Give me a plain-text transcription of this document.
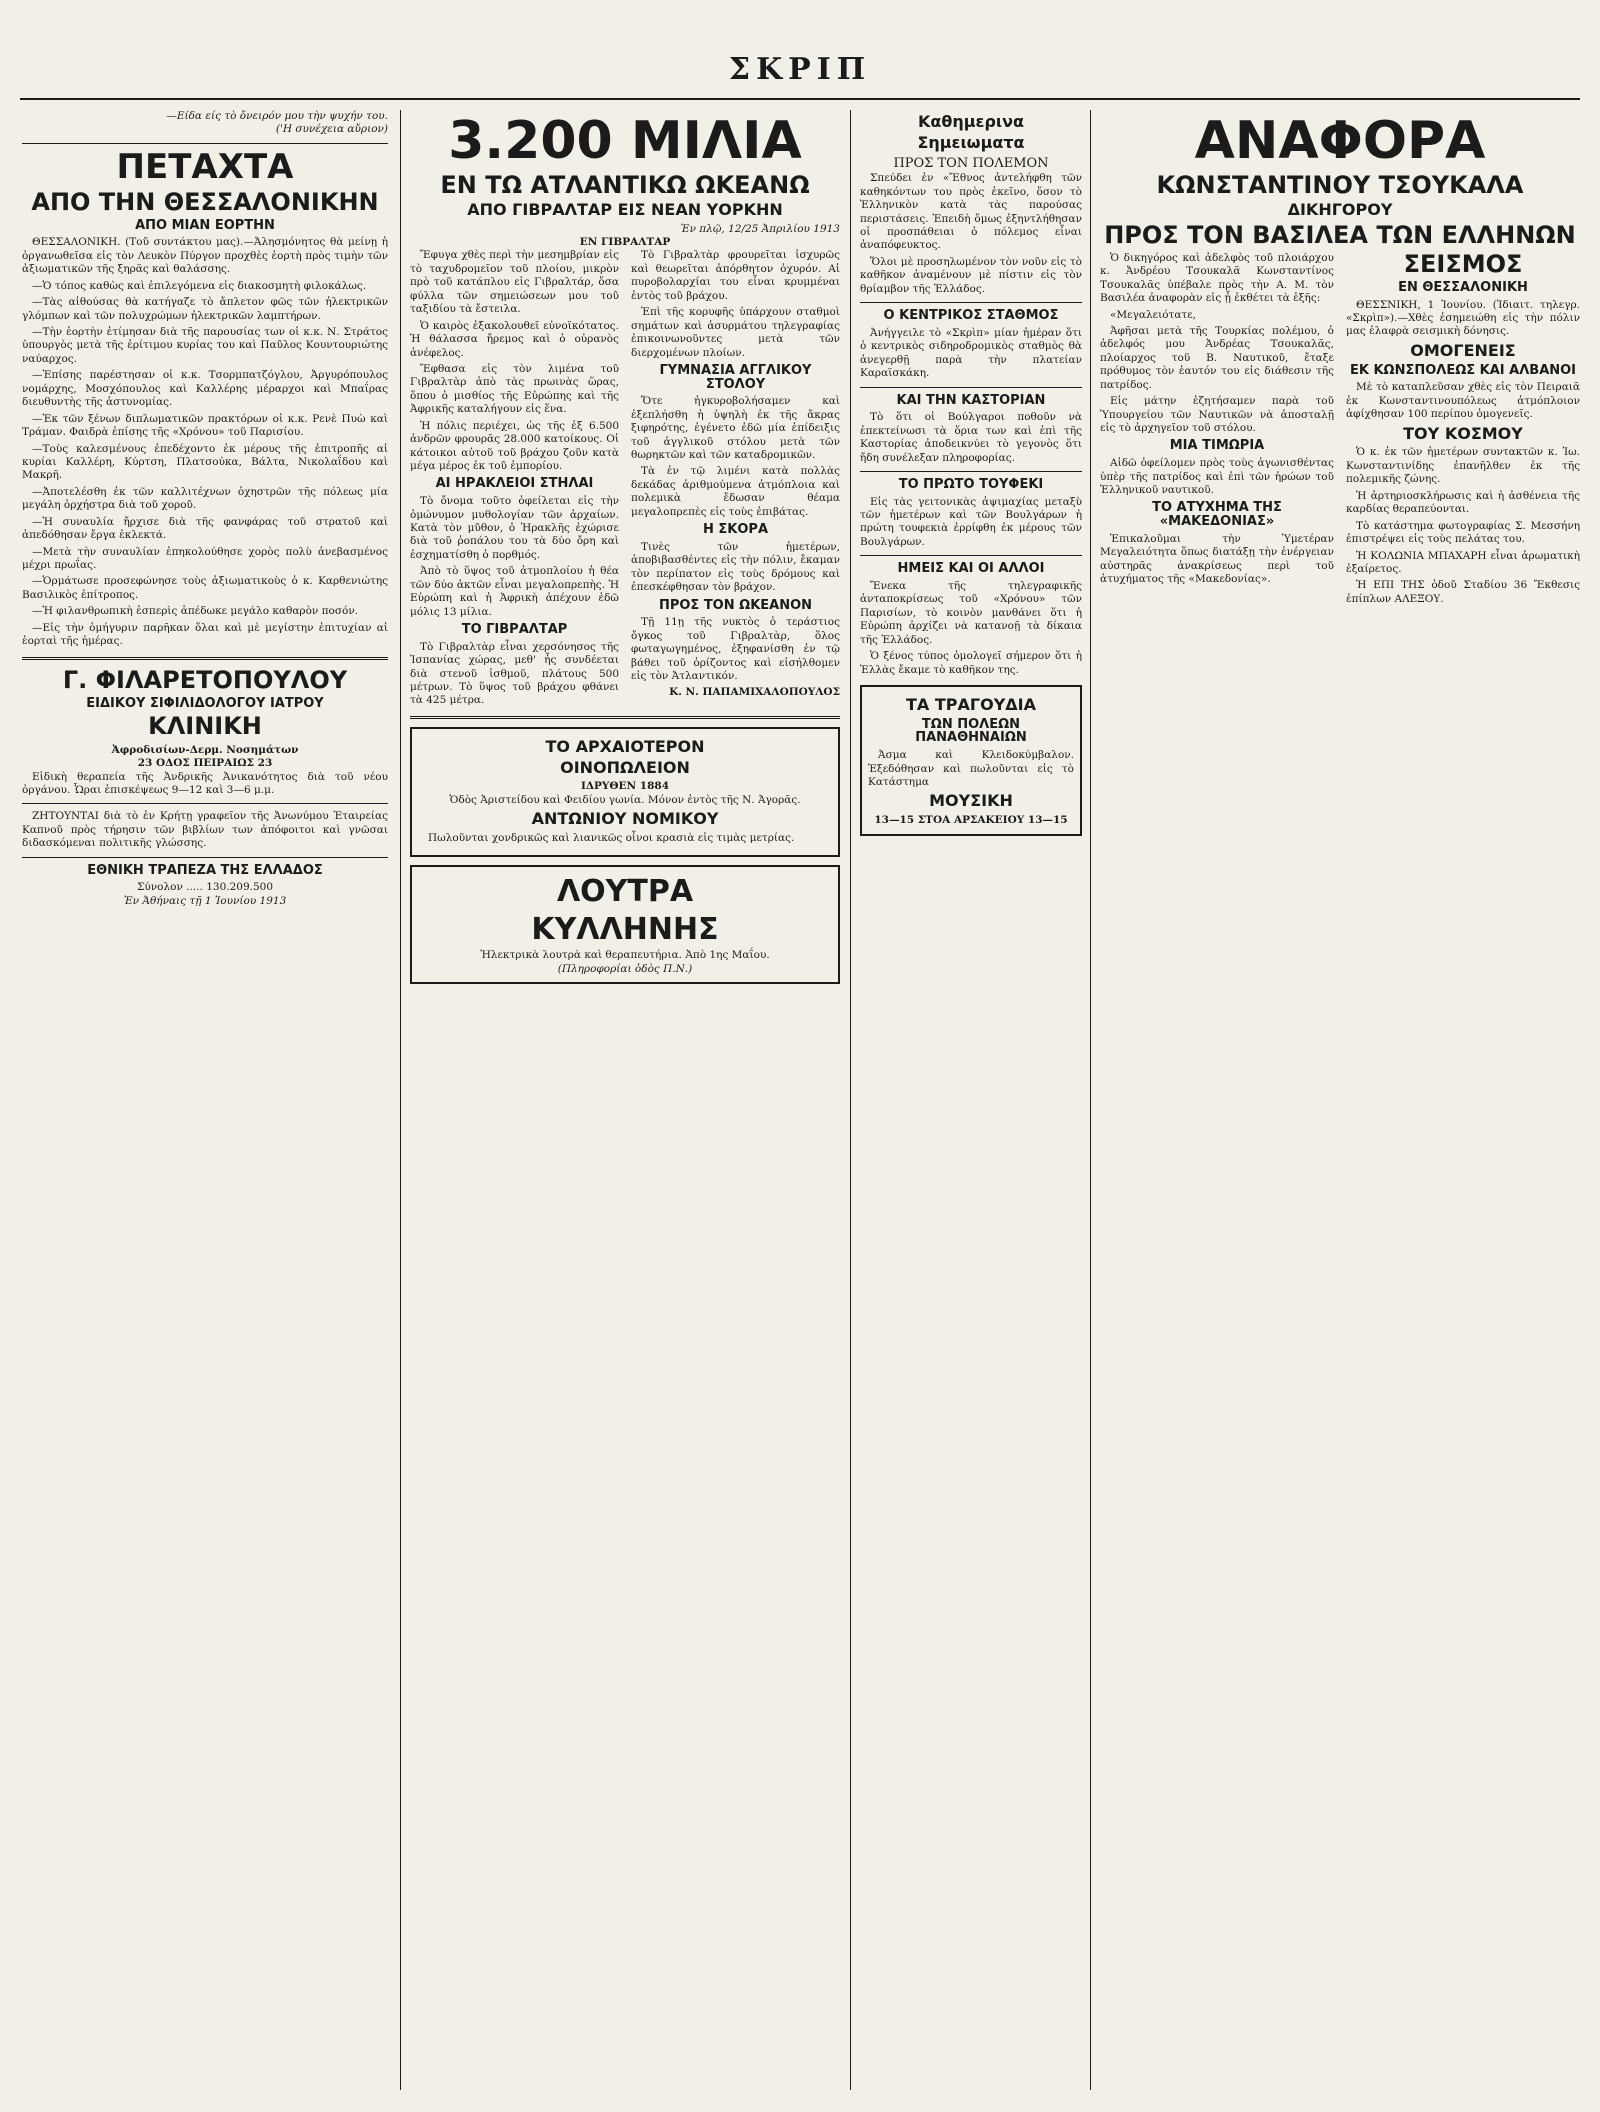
ΣΚΡΙΠ
—Είδα είς τὸ ὄνειρόν μου τὴν ψυχήν του.
('Η συνέχεια αὔριον)
ΠΕΤΑΧΤΑ
ΑΠΟ ΤΗΝ ΘΕΣΣΑΛΟΝΙΚΗΝ
ΑΠΟ ΜΙΑΝ ΕΟΡΤΗΝ

ΘΕΣΣΑΛΟΝΙΚΗ. (Τοῦ συντάκτου μας).—Ἀλησμόνητος θὰ μείνῃ ἡ ὀργανωθεῖσα εἰς τὸν Λευκὸν Πύργον προχθὲς ἑορτὴ πρὸς τιμὴν τῶν ἀξιωματικῶν τῆς ξηρᾶς καὶ θαλάσσης.

—Ὁ τόπος καθὼς καὶ ἐπιλεγόμενα εἰς διακοσμητὴ φιλοκάλως.

—Τὰς αἰθούσας θὰ κατήγαζε τὸ ἄπλετον φῶς τῶν ἠλεκτρικῶν γλόμπων καὶ τῶν πολυχρώμων ἠλεκτρικῶν λαμπτήρων.

—Τὴν ἑορτὴν ἐτίμησαν διὰ τῆς παρουσίας των οἱ κ.κ. Ν. Στράτος ὑπουργὸς μετὰ τῆς ἐρίτιμου κυρίας του καὶ Παῦλος Κουντουριώτης ναύαρχος.

—Ἐπίσης παρέστησαν οἱ κ.κ. Τσορμπατζόγλου, Ἀργυρόπουλος νομάρχης, Μοσχόπουλος καὶ Καλλέρης μέραρχοι καὶ Μπαΐρας διευθυντὴς τῆς ἀστυνομίας.

—Ἐκ τῶν ξένων διπλωματικῶν πρακτόρων οἱ κ.κ. Ρενὲ Πυὼ καὶ Τράμαν. Φαιδρὰ ἐπίσης τῆς «Χρόνου» τοῦ Παρισίου.

—Τοὺς καλεσμένους ἐπεδέχοντο ἐκ μέρους τῆς ἐπιτροπῆς αἱ κυρίαι Καλλέρη, Κύρτση, Πλατσούκα, Βάλτα, Νικολαΐδου καὶ Μακρῆ.

—Ἀποτελέσθη ἐκ τῶν καλλιτέχνων ὀχηστρῶν τῆς πόλεως μία μεγάλη ὀρχήστρα διὰ τοῦ χοροῦ.

—Ἡ συναυλία ἤρχισε διὰ τῆς φανφάρας τοῦ στρατοῦ καὶ ἀπεδόθησαν ἔργα ἐκλεκτά.

—Μετὰ τὴν συναυλίαν ἐπηκολούθησε χορὸς πολὺ ἀνεβασμένος μέχρι πρωΐας.

—Ὁρμάτωσε προσεφώνησε τοὺς ἀξιωματικοὺς ὁ κ. Καρθενιώτης Βασιλικὸς ἐπίτροπος.

—Ἡ φιλανθρωπικὴ ἑσπερὶς ἀπέδωκε μεγάλο καθαρὸν ποσόν.

—Εἰς τὴν ὁμήγυριν παρῆκαν ὅλαι καὶ μὲ μεγίστην ἐπιτυχίαν αἱ ἑορταὶ τῆς ἡμέρας.

Γ. ΦΙΛΑΡΕΤΟΠΟΥΛΟΥ
ΕΙΔΙΚΟΥ ΣΙΦΙΛΙΔΟΛΟΓΟΥ ΙΑΤΡΟΥ
ΚΛΙΝΙΚΗ
Ἀφροδισίων-Δερμ. Νοσημάτων
23 ΟΔΟΣ ΠΕΙΡΑΙΩΣ 23

Εἰδικὴ θεραπεία τῆς Ἀνδρικῆς Ἀνικανότητος διὰ τοῦ νέου ὀργάνου. Ὧραι ἐπισκέψεως 9—12 καὶ 3—6 μ.μ.

ΖΗΤΟΥΝΤΑΙ διὰ τὸ ἐν Κρήτῃ γραφεῖον τῆς Ἀνωνύμου Ἑταιρείας Καπνοῦ πρὸς τήρησιν τῶν βιβλίων των ἀπόφοιτοι καὶ γνῶσαι διδασκόμεναι πολιτικῆς γλώσσης.

ΕΘΝΙΚΗ ΤΡΑΠΕΖΑ ΤΗΣ ΕΛΛΑΔΟΣ
Σύνολον ..... 130.209.500
Ἐν Ἀθήναις τῇ 1 Ἰουνίου 1913
3.200 ΜΙΛΙΑ
ΕΝ ΤΩ ΑΤΛΑΝΤΙΚΩ ΩΚΕΑΝΩ
ΑΠΟ ΓΙΒΡΑΛΤΑΡ ΕΙΣ ΝΕΑΝ ΥΟΡΚΗΝ
Ἐν πλῷ, 12/25 Ἀπριλίου 1913
ΕΝ ΓΙΒΡΑΛΤΑΡ

Ἔφυγα χθὲς περὶ τὴν μεσημβρίαν εἰς τὸ ταχυδρομεῖον τοῦ πλοίου, μικρὸν πρὸ τοῦ κατάπλου εἰς Γιβραλτάρ, ὅσα φύλλα τῶν σημειώσεων μου τοῦ ταξιδίου τὰ ἔστειλα.

Ὁ καιρὸς ἐξακολουθεῖ εὐνοϊκότατος. Ἡ θάλασσα ἤρεμος καὶ ὁ οὐρανὸς ἀνέφελος.

Ἔφθασα εἰς τὸν λιμένα τοῦ Γιβραλτὰρ ἀπὸ τὰς πρωινὰς ὥρας, ὅπου ὁ μισθίος τῆς Εὐρώπης καὶ τῆς Ἀφρικῆς καταλήγουν εἰς ἕνα.

Ἡ πόλις περιέχει, ὡς τῆς ἐξ 6.500 ἀνδρῶν φρουρᾶς 28.000 κατοίκους. Οἱ κάτοικοι αὐτοῦ τοῦ βράχου ζοῦν κατὰ μέγα μέρος ἐκ τοῦ ἐμπορίου.

ΑΙ ΗΡΑΚΛΕΙΟΙ ΣΤΗΛΑΙ

Τὸ ὄνομα τοῦτο ὀφείλεται εἰς τὴν ὁμώνυμον μυθολογίαν τῶν ἀρχαίων. Κατὰ τὸν μῦθον, ὁ Ἡρακλῆς ἐχώρισε διὰ τοῦ ῥοπάλου του τὰ δύο ὄρη καὶ ἐσχηματίσθη ὁ πορθμός.

Ἀπὸ τὸ ὕψος τοῦ ἀτμοπλοίου ἡ θέα τῶν δύο ἀκτῶν εἶναι μεγαλοπρεπὴς. Ἡ Εὐρώπη καὶ ἡ Ἀφρικὴ ἀπέχουν ἐδῶ μόλις 13 μίλια.

ΤΟ ΓΙΒΡΑΛΤΑΡ

Τὸ Γιβραλτὰρ εἶναι χερσόνησος τῆς Ἰσπανίας χώρας, μεθ' ἧς συνδέεται διὰ στενοῦ ἰσθμοῦ, πλάτους 500 μέτρων. Τὸ ὕψος τοῦ βράχου φθάνει τὰ 425 μέτρα.

Τὸ Γιβραλτὰρ φρουρεῖται ἰσχυρῶς καὶ θεωρεῖται ἀπόρθητον ὀχυρόν. Αἱ πυροβολαρχίαι του εἶναι κρυμμέναι ἐντὸς τοῦ βράχου.

Ἐπὶ τῆς κορυφῆς ὑπάρχουν σταθμοὶ σημάτων καὶ ἀσυρμάτου τηλεγραφίας ἐπικοινωνοῦντες μετὰ τῶν διερχομένων πλοίων.

ΓΥΜΝΑΣΙΑ ΑΓΓΛΙΚΟΥ ΣΤΟΛΟΥ

Ὅτε ἠγκυροβολήσαμεν καὶ ἐξεπλήσθη ἡ ὑψηλὴ ἐκ τῆς ἄκρας ξιφηρότης, ἐγένετο ἐδῶ μία ἐπίδειξις τοῦ ἀγγλικοῦ στόλου μετὰ τῶν θωρηκτῶν καὶ τῶν καταδρομικῶν.

Τὰ ἐν τῷ λιμένι κατὰ πολλὰς δεκάδας ἀριθμούμενα ἀτμόπλοια καὶ πολεμικὰ ἔδωσαν θέαμα μεγαλοπρεπὲς εἰς τοὺς ἐπιβάτας.

Η ΣΚΟΡΑ

Τινὲς τῶν ἡμετέρων, ἀποβιβασθέντες εἰς τὴν πόλιν, ἔκαμαν τὸν περίπατον εἰς τοὺς δρόμους καὶ ἐπεσκέφθησαν τὸν βράχον.

ΠΡΟΣ ΤΟΝ ΩΚΕΑΝΟΝ

Τῇ 11ῃ τῆς νυκτὸς ὁ τεράστιος ὄγκος τοῦ Γιβραλτὰρ, ὅλος φωταγωγημένος, ἐξηφανίσθη ἐν τῷ βάθει τοῦ ὁρίζοντος καὶ εἰσήλθομεν εἰς τὸν Ἀτλαντικόν.

Κ. Ν. ΠΑΠΑΜΙΧΑΛΟΠΟΥΛΟΣ
ΤΟ ΑΡΧΑΙΟΤΕΡΟΝ
ΟΙΝΟΠΩΛΕΙΟΝ
ΙΔΡΥΘΕΝ 1884
Ὁδὸς Ἀριστείδου καὶ Φειδίου γωνία. Μόνον ἐντὸς τῆς Ν. Ἀγορᾶς.
ΑΝΤΩΝΙΟΥ ΝΟΜΙΚΟΥ

Πωλοῦνται χονδρικῶς καὶ λιανικῶς οἶνοι κρασιὰ εἰς τιμὰς μετρίας.

ΛΟΥΤΡΑ
ΚΥΛΛΗΝΗΣ
Ἠλεκτρικὰ λουτρὰ καὶ θεραπευτήρια. Ἀπὸ 1ης Μαΐου.
(Πληροφορίαι ὁδὸς Π.Ν.)
Καθημερινα
Σημειωματα
ΠΡΟΣ ΤΟΝ ΠΟΛΕΜΟΝ

Σπεύδει ἐν «Ἔθνος ἀντελήφθη τῶν καθηκόντων του πρὸς ἐκεῖνο, ὅσον τὸ Ἑλληνικὸν κατὰ τὰς παρούσας περιστάσεις. Ἐπειδὴ ὅμως ἐξηντλήθησαν οἱ προσπάθειαι ὁ πόλεμος εἶναι ἀναπόφευκτος.

Ὅλοι μὲ προσηλωμένον τὸν νοῦν εἰς τὸ καθῆκον ἀναμένουν μὲ πίστιν εἰς τὸν θρίαμβον τῆς Ἑλλάδος.

Ο ΚΕΝΤΡΙΚΟΣ ΣΤΑΘΜΟΣ

Ἀνήγγειλε τὸ «Σκρὶπ» μίαν ἡμέραν ὅτι ὁ κεντρικὸς σιδηροδρομικὸς σταθμὸς θὰ ἀνεγερθῇ παρὰ τὴν πλατείαν Καραϊσκάκη.

ΚΑΙ ΤΗΝ ΚΑΣΤΟΡΙΑΝ

Τὸ ὅτι οἱ Βούλγαροι ποθοῦν νὰ ἐπεκτείνωσι τὰ ὅρια των καὶ ἐπὶ τῆς Καστορίας ἀποδεικνύει τὸ γεγονὸς ὅτι ἤδη συνέλεξαν πληροφορίας.

ΤΟ ΠΡΩΤΟ ΤΟΥΦΕΚΙ

Εἰς τὰς γειτονικὰς ἀψιμαχίας μεταξὺ τῶν ἡμετέρων καὶ τῶν Βουλγάρων ἡ πρώτη τουφεκιὰ ἐρρίφθη ἐκ μέρους τῶν Βουλγάρων.

ΗΜΕΙΣ ΚΑΙ ΟΙ ΑΛΛΟΙ

Ἔνεκα τῆς τηλεγραφικῆς ἀνταποκρίσεως τοῦ «Χρόνου» τῶν Παρισίων, τὸ κοινὸν μανθάνει ὅτι ἡ Εὐρώπη ἀρχίζει νὰ κατανοῇ τὰ δίκαια τῆς Ἑλλάδος.

Ὁ ξένος τύπος ὁμολογεῖ σήμερον ὅτι ἡ Ἑλλὰς ἔκαμε τὸ καθῆκον της.

ΤΑ ΤΡΑΓΟΥΔΙΑ
ΤΩΝ ΠΟΛΕΩΝ ΠΑΝΑΘΗΝΑΙΩΝ

Ἀσμα καὶ Κλειδοκύμβαλον. Ἐξεδόθησαν καὶ πωλοῦνται εἰς τὸ Κατάστημα

ΜΟΥΣΙΚΗ
13—15 ΣΤΟΑ ΑΡΣΑΚΕΙΟΥ 13—15
ΑΝΑΦΟΡΑ
ΚΩΝΣΤΑΝΤΙΝΟΥ ΤΣΟΥΚΑΛΑ
ΔΙΚΗΓΟΡΟΥ
ΠΡΟΣ ΤΟΝ ΒΑΣΙΛΕΑ ΤΩΝ ΕΛΛΗΝΩΝ

Ὁ δικηγόρος καὶ ἀδελφὸς τοῦ πλοιάρχου κ. Ἀνδρέου Τσουκαλᾶ Κωνσταντίνος Τσουκαλᾶς ὑπέβαλε πρὸς τὴν Α. Μ. τὸν Βασιλέα ἀναφορὰν εἰς ᾗ ἐκθέτει τὰ ἑξῆς:

«Μεγαλειότατε,

Ἀφῆσαι μετὰ τῆς Τουρκίας πολέμου, ὁ ἀδελφός μου Ἀνδρέας Τσουκαλᾶς, πλοίαρχος τοῦ Β. Ναυτικοῦ, ἔταξε πρόθυμος τὸν ἑαυτόν του εἰς διάθεσιν τῆς πατρίδος.

Εἰς μάτην ἐζητήσαμεν παρὰ τοῦ Ὑπουργείου τῶν Ναυτικῶν νὰ ἀποσταλῇ εἰς τὸ ἀρχηγεῖον τοῦ στόλου.

ΜΙΑ ΤΙΜΩΡΙΑ

Αἰδῶ ὀφείλομεν πρὸς τοὺς ἀγωνισθέντας ὑπὲρ τῆς πατρίδος καὶ ἐπὶ τῶν ἡρώων τοῦ Ἑλληνικοῦ ναυτικοῦ.

ΤΟ ΑΤΥΧΗΜΑ ΤΗΣ «ΜΑΚΕΔΟΝΙΑΣ»

Ἐπικαλοῦμαι τὴν Ὑμετέραν Μεγαλειότητα ὅπως διατάξῃ τὴν ἐνέργειαν αὐστηρᾶς ἀνακρίσεως περὶ τοῦ ἀτυχήματος τῆς «Μακεδονίας».

ΣΕΙΣΜΟΣ
ΕΝ ΘΕΣΣΑΛΟΝΙΚΗ

ΘΕΣΣΝΙΚΗ, 1 Ἰουνίου. (Ἰδιαιτ. τηλεγρ. «Σκρὶπ»).—Χθὲς ἐσημειώθη εἰς τὴν πόλιν μας ἐλαφρὰ σεισμικὴ δόνησις.

ΟΜΟΓΕΝΕΙΣ
ΕΚ ΚΩΝΣΠΟΛΕΩΣ ΚΑΙ ΑΛΒΑΝΟΙ

Μὲ τὸ καταπλεῦσαν χθὲς εἰς τὸν Πειραιᾶ ἐκ Κωνσταντινουπόλεως ἀτμόπλοιον ἀφίχθησαν 100 περίπου ὁμογενεῖς.

ΤΟΥ ΚΟΣΜΟΥ

Ὁ κ. ἐκ τῶν ἡμετέρων συντακτῶν κ. Ἰω. Κωνσταντινίδης ἐπανῆλθεν ἐκ τῆς πολεμικῆς ζώνης.

Ἡ ἀρτηριοσκλήρωσις καὶ ἡ ἀσθένεια τῆς καρδίας θεραπεύονται.

Τὸ κατάστημα φωτογραφίας Σ. Μεσσήνη ἐπιστρέψει εἰς τοὺς πελάτας του.

Ἡ ΚΟΛΩΝΙΑ ΜΠΑΧΑΡΗ εἶναι ἀρωματικὴ ἐξαίρετος.

Ἡ ΕΠΙ ΤΗΣ ὁδοῦ Σταδίου 36 Ἔκθεσις ἐπίπλων ΑΛΕΞΟΥ.
